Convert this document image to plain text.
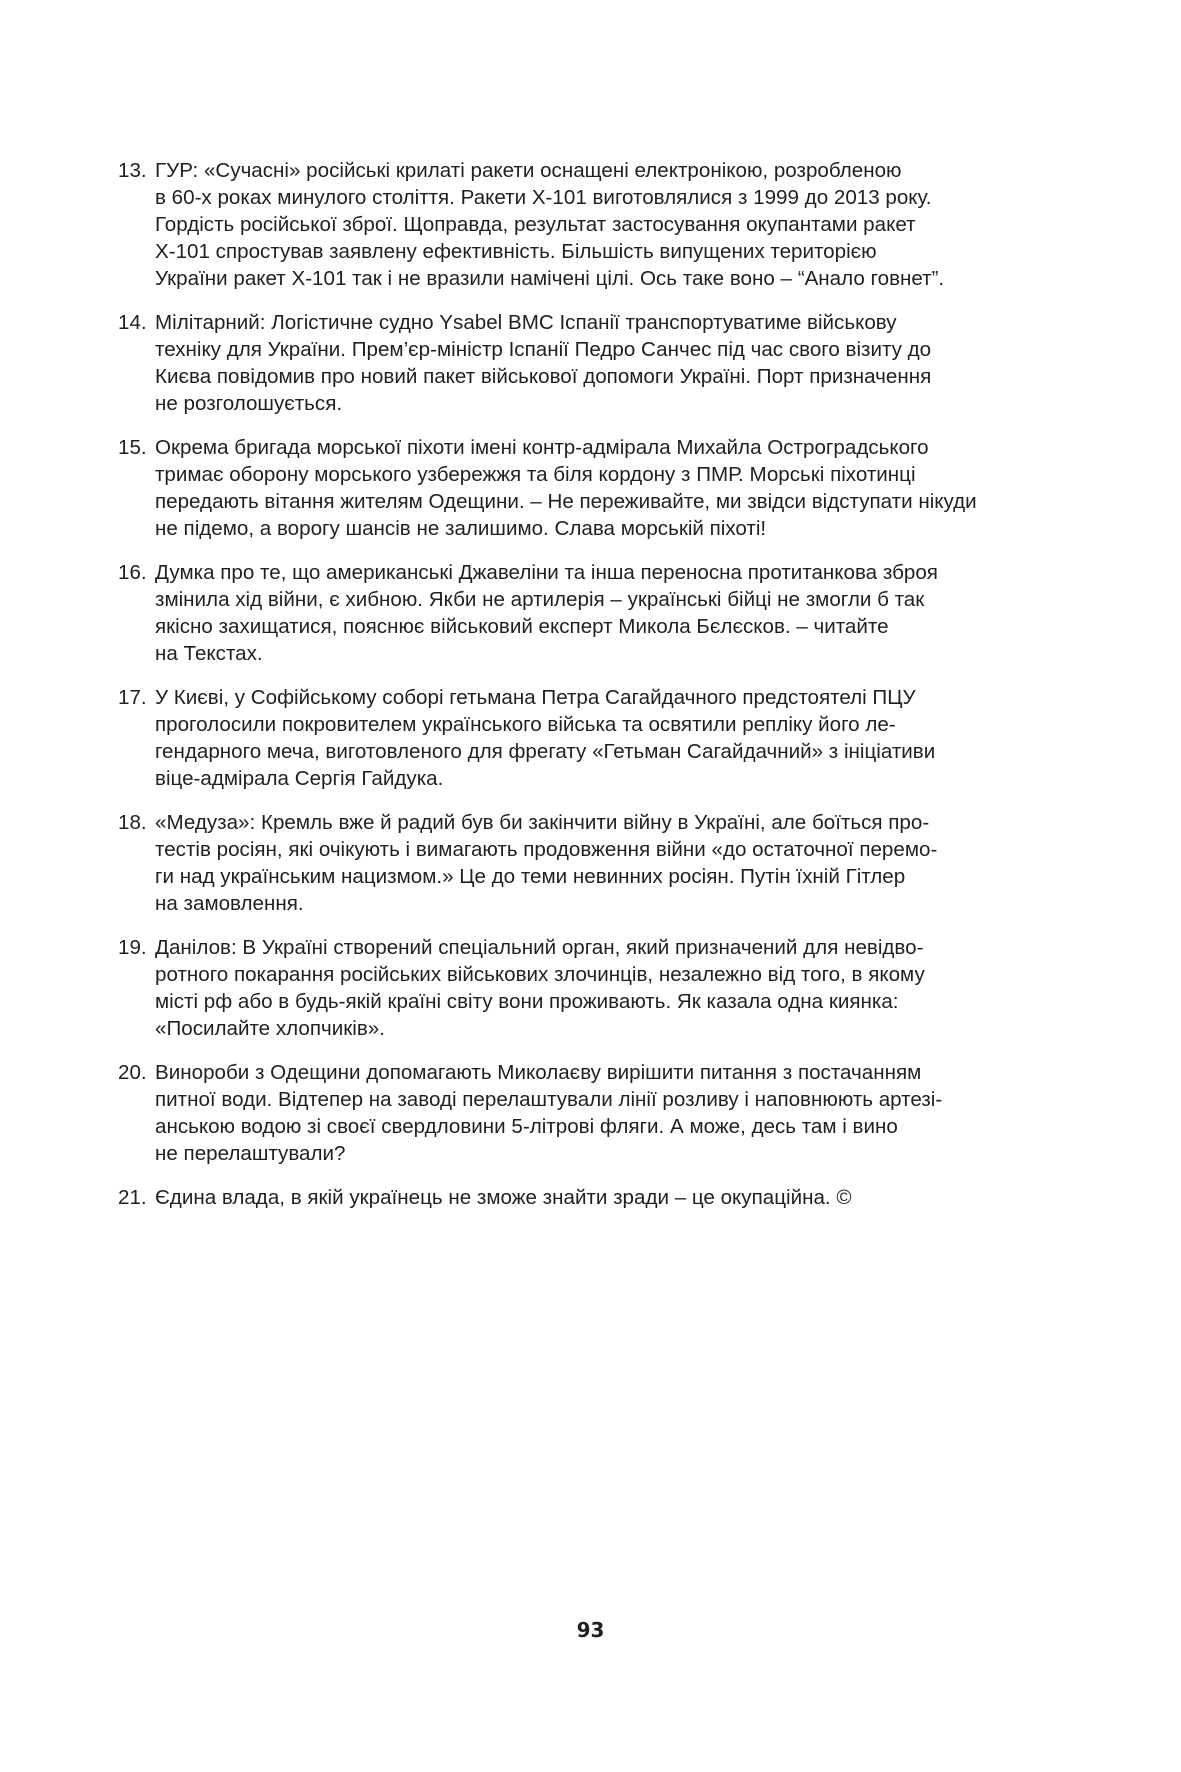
13. ГУР: «Сучасні» російські крилаті ракети оснащені електронікою, розробленою
в 60-х роках минулого століття. Ракети Х-101 виготовлялися з 1999 до 2013 року.
Гордість російської зброї. Щоправда, результат застосування окупантами ракет
Х-101 спростував заявлену ефективність. Більшість випущених територією
України ракет Х-101 так і не вразили намічені цілі. Ось таке воно – “Анало говнет”.
14. Мілітарний: Логістичне судно Ysabel ВМС Іспанії транспортуватиме військову
техніку для України. Прем’єр-міністр Іспанії Педро Санчес під час свого візиту до
Києва повідомив про новий пакет військової допомоги Україні. Порт призначення
не розголошується.
15. Окрема бригада морської піхоти імені контр-адмірала Михайла Остроградського
тримає оборону морського узбережжя та біля кордону з ПМР. Морські піхотинці
передають вітання жителям Одещини. – Не переживайте, ми звідси відступати нікуди
не підемо, а ворогу шансів не залишимо. Слава морській піхоті!
16. Думка про те, що американські Джавеліни та інша переносна протитанкова зброя
змінила хід війни, є хибною. Якби не артилерія – українські бійці не змогли б так
якісно захищатися, пояснює військовий експерт Микола Бєлєсков. – читайте
на Текстах.
17. У Києві, у Софійському соборі гетьмана Петра Сагайдачного предстоятелі ПЦУ
проголосили покровителем українського війська та освятили репліку його ле-
гендарного меча, виготовленого для фрегату «Гетьман Сагайдачний» з ініціативи
віце-адмірала Сергія Гайдука.
18. «Медуза»: Кремль вже й радий був би закінчити війну в Україні, але боїться про-
тестів росіян, які очікують і вимагають продовження війни «до остаточної перемо-
ги над українським нацизмом.» Це до теми невинних росіян. Путін їхній Гітлер
на замовлення.
19. Данілов: В Україні створений спеціальний орган, який призначений для невідво-
ротного покарання російських військових злочинців, незалежно від того, в якому
місті рф або в будь-якій країні світу вони проживають. Як казала одна киянка:
«Посилайте хлопчиків».
20. Винороби з Одещини допомагають Миколаєву вирішити питання з постачанням
питної води. Відтепер на заводі перелаштували лінії розливу і наповнюють артезі-
анською водою зі своєї свердловини 5-літрові фляги. А може, десь там і вино
не перелаштували?
21. Єдина влада, в якій українець не зможе знайти зради – це окупаційна. ©
93
